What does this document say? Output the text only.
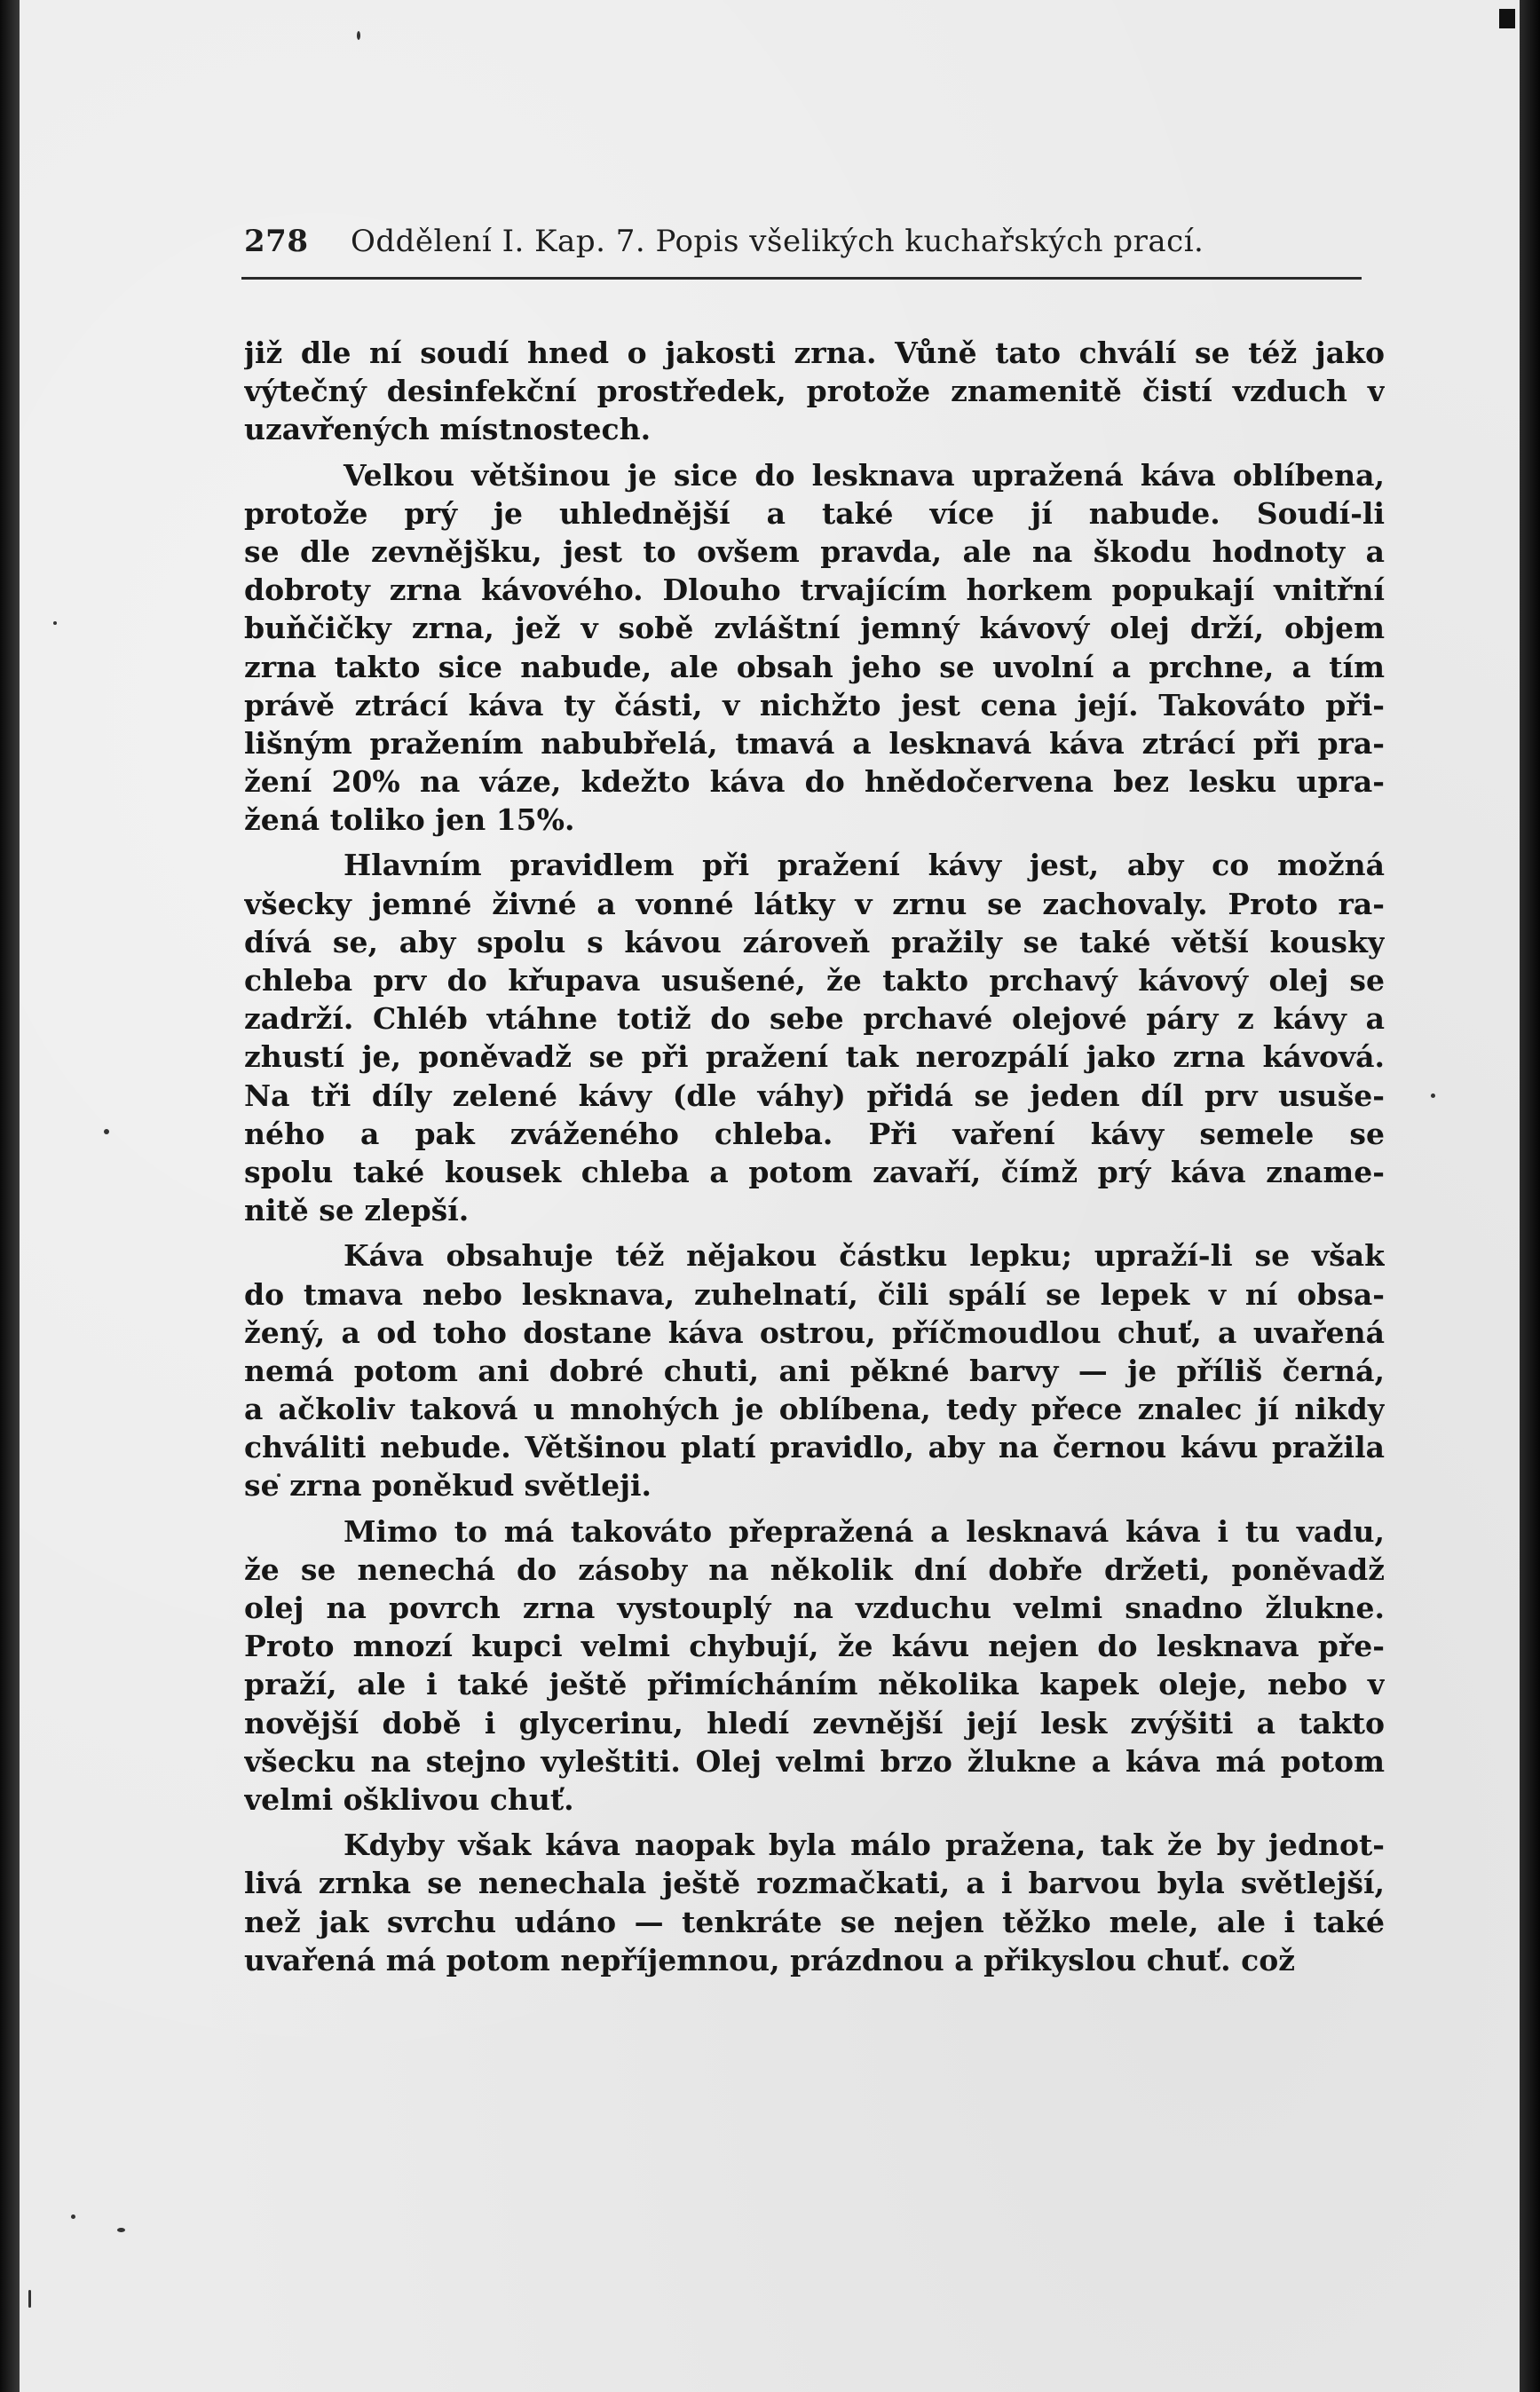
278 Oddělení I. Kap. 7. Popis všelikých kuchařských prací.
již dle ní soudí hned o jakosti zrna. Vůně tato chválí se též jako
výtečný desinfekční prostředek, protože znamenitě čistí vzduch v
uzavřených místnostech.
Velkou většinou je sice do lesknava upražená káva oblíbena,
protože prý je uhlednější a také více jí nabude. Soudí-li
se dle zevnějšku, jest to ovšem pravda, ale na škodu hodnoty a
dobroty zrna kávového. Dlouho trvajícím horkem popukají vnitřní
buňčičky zrna, jež v sobě zvláštní jemný kávový olej drží, objem
zrna takto sice nabude, ale obsah jeho se uvolní a prchne, a tím
právě ztrácí káva ty části, v nichžto jest cena její. Takováto při-
lišným pražením nabubřelá, tmavá a lesknavá káva ztrácí při pra-
žení 20% na váze, kdežto káva do hnědočervena bez lesku upra-
žená toliko jen 15%.
Hlavním pravidlem při pražení kávy jest, aby co možná
všecky jemné živné a vonné látky v zrnu se zachovaly. Proto ra-
dívá se, aby spolu s kávou zároveň pražily se také větší kousky
chleba prv do křupava usušené, že takto prchavý kávový olej se
zadrží. Chléb vtáhne totiž do sebe prchavé olejové páry z kávy a
zhustí je, poněvadž se při pražení tak nerozpálí jako zrna kávová.
Na tři díly zelené kávy (dle váhy) přidá se jeden díl prv usuše-
ného a pak zváženého chleba. Při vaření kávy semele se
spolu také kousek chleba a potom zavaří, čímž prý káva zname-
nitě se zlepší.
Káva obsahuje též nějakou částku lepku; upraží-li se však
do tmava nebo lesknava, zuhelnatí, čili spálí se lepek v ní obsa-
žený, a od toho dostane káva ostrou, příčmoudlou chuť, a uvařená
nemá potom ani dobré chuti, ani pěkné barvy — je příliš černá,
a ačkoliv taková u mnohých je oblíbena, tedy přece znalec jí nikdy
chváliti nebude. Většinou platí pravidlo, aby na černou kávu pražila
se zrna poněkud světleji.
Mimo to má takováto přepražená a lesknavá káva i tu vadu,
že se nenechá do zásoby na několik dní dobře držeti, poněvadž
olej na povrch zrna vystouplý na vzduchu velmi snadno žlukne.
Proto mnozí kupci velmi chybují, že kávu nejen do lesknava pře-
praží, ale i také ještě přimícháním několika kapek oleje, nebo v
novější době i glycerinu, hledí zevnější její lesk zvýšiti a takto
všecku na stejno vyleštiti. Olej velmi brzo žlukne a káva má potom
velmi ošklivou chuť.
Kdyby však káva naopak byla málo pražena, tak že by jednot-
livá zrnka se nenechala ještě rozmačkati, a i barvou byla světlejší,
než jak svrchu udáno — tenkráte se nejen těžko mele, ale i také
uvařená má potom nepříjemnou, prázdnou a přikyslou chuť. což
